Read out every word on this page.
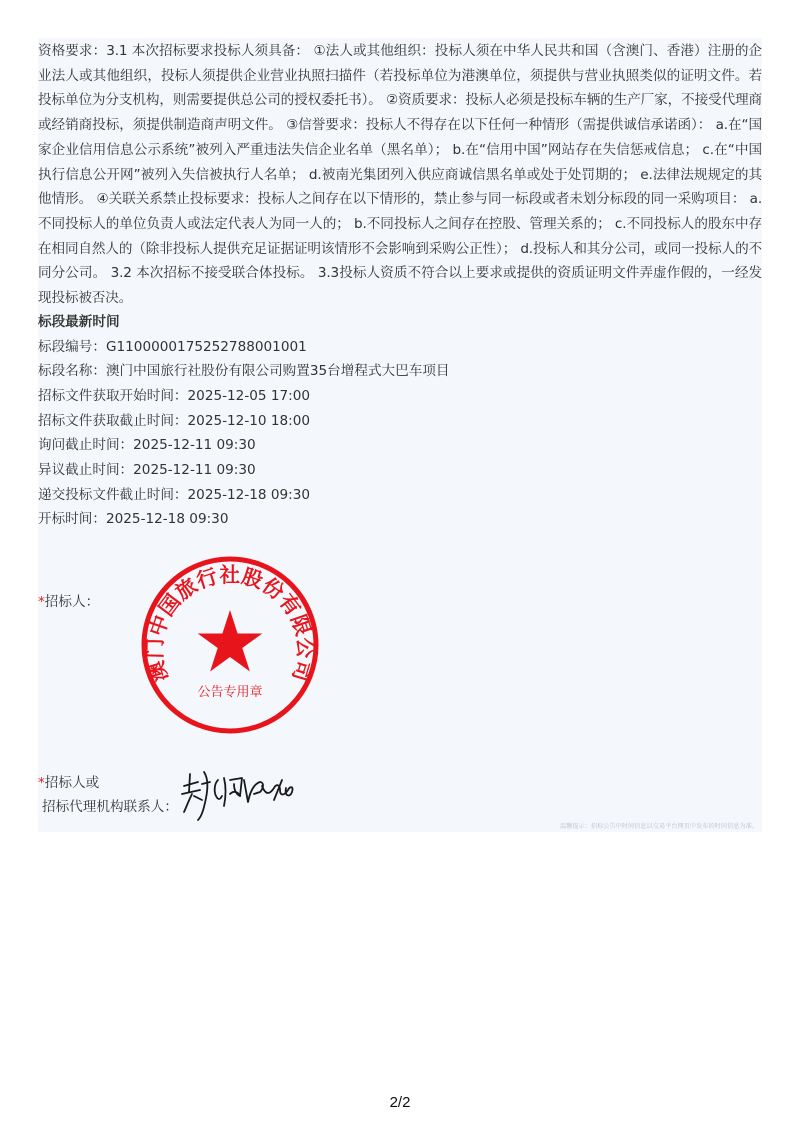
资格要求：3.1 本次招标要求投标人须具备： ①法人或其他组织：投标人须在中华人民共和国（含澳门、香港）注册的企业法人或其他组织，投标人须提供企业营业执照扫描件（若投标单位为港澳单位，须提供与营业执照类似的证明文件。若投标单位为分支机构，则需要提供总公司的授权委托书）。 ②资质要求：投标人必须是投标车辆的生产厂家，不接受代理商或经销商投标，须提供制造商声明文件。 ③信誉要求：投标人不得存在以下任何一种情形（需提供诚信承诺函）： a.在“国家企业信用信息公示系统”被列入严重违法失信企业名单（黑名单）； b.在“信用中国”网站存在失信惩戒信息； c.在“中国执行信息公开网”被列入失信被执行人名单； d.被南光集团列入供应商诚信黑名单或处于处罚期的； e.法律法规规定的其他情形。 ④关联关系禁止投标要求：投标人之间存在以下情形的，禁止参与同一标段或者未划分标段的同一采购项目： a.不同投标人的单位负责人或法定代表人为同一人的； b.不同投标人之间存在控股、管理关系的； c.不同投标人的股东中存在相同自然人的（除非投标人提供充足证据证明该情形不会影响到采购公正性）； d.投标人和其分公司，或同一投标人的不同分公司。 3.2 本次招标不接受联合体投标。 3.3投标人资质不符合以上要求或提供的资质证明文件弄虚作假的，一经发现投标被否决。
标段最新时间
标段编号：G1100000175252788001001
标段名称：澳门中国旅行社股份有限公司购置35台增程式大巴车项目
招标文件获取开始时间：2025-12-05 17:00
招标文件获取截止时间：2025-12-10 18:00
询问截止时间：2025-12-11 09:30
异议截止时间：2025-12-11 09:30
递交投标文件截止时间：2025-12-18 09:30
开标时间：2025-12-18 09:30
*招标人：
澳门中国旅行社股份有限公司
公告专用章
*招标人或
招标代理机构联系人：
温馨提示：招标公告中时间信息以交易平台网页中发布的时间信息为准。
2/2
